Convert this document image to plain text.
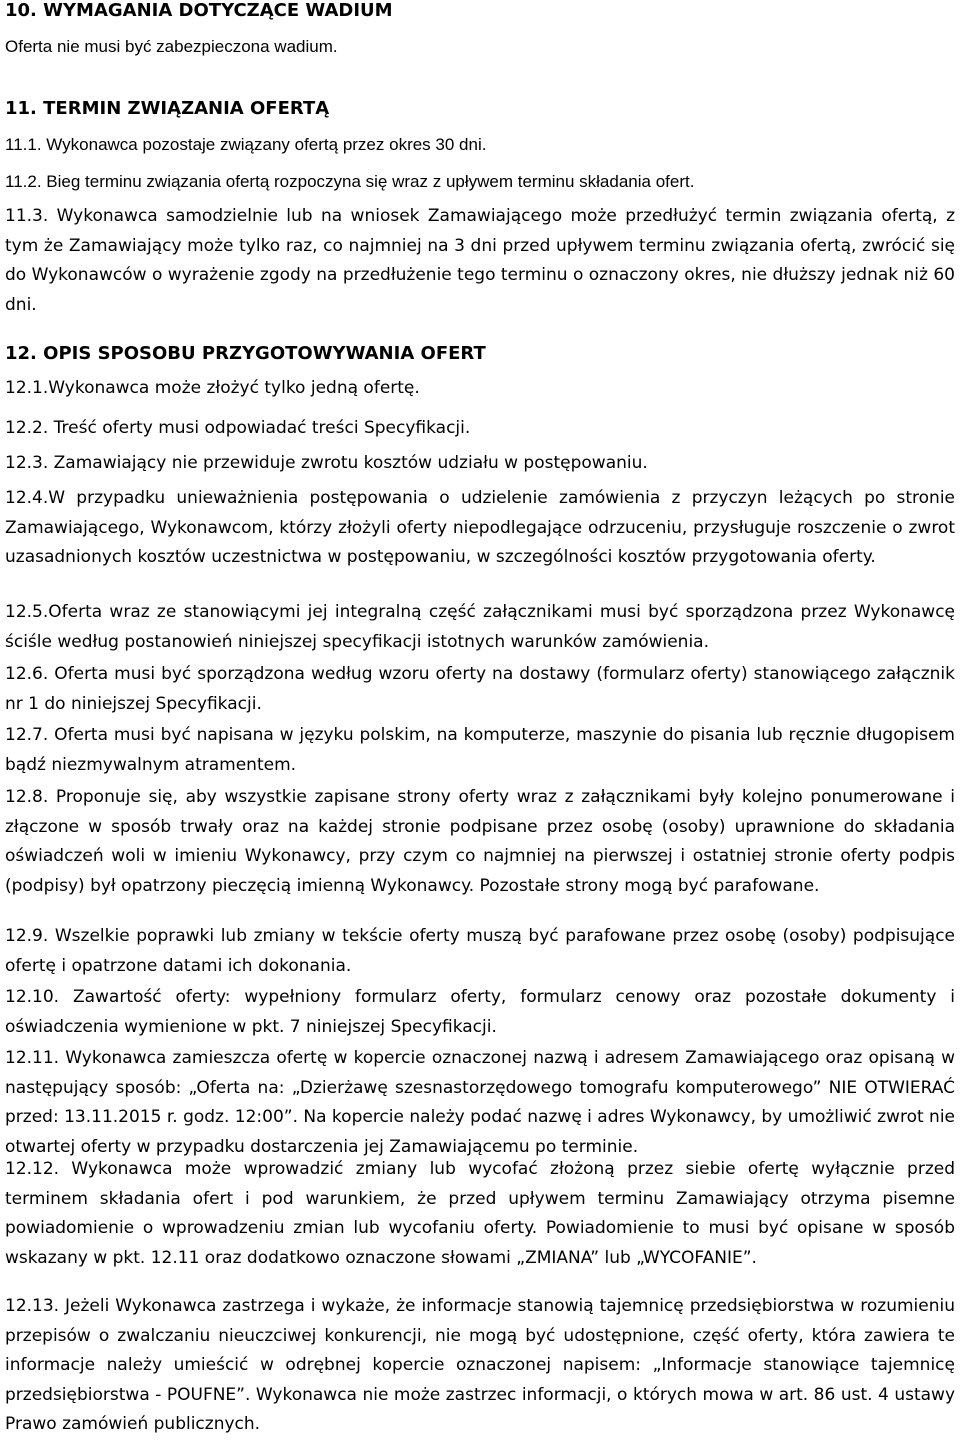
10. WYMAGANIA DOTYCZĄCE WADIUM
Oferta nie musi być zabezpieczona wadium.
11. TERMIN ZWIĄZANIA OFERTĄ
11.1. Wykonawca pozostaje związany ofertą przez okres 30 dni.
11.2. Bieg terminu związania ofertą rozpoczyna się wraz z upływem terminu składania ofert.

11.3. Wykonawca samodzielnie lub na wniosek Zamawiającego może przedłużyć termin związania ofertą, z tym że Zamawiający może tylko raz, co najmniej na 3 dni przed upływem terminu związania ofertą, zwrócić się do Wykonawców o wyrażenie zgody na przedłużenie tego terminu o oznaczony okres, nie dłuższy jednak niż 60 dni.

12. OPIS SPOSOBU PRZYGOTOWYWANIA OFERT

12.1.Wykonawca może złożyć tylko jedną ofertę.

12.2. Treść oferty musi odpowiadać treści Specyfikacji.

12.3. Zamawiający nie przewiduje zwrotu kosztów udziału w postępowaniu.

12.4.W przypadku unieważnienia postępowania o udzielenie zamówienia z przyczyn leżących po stronie Zamawiającego, Wykonawcom, którzy złożyli oferty niepodlegające odrzuceniu, przysługuje roszczenie o zwrot uzasadnionych kosztów uczestnictwa w postępowaniu, w szczególności kosztów przygotowania oferty.

12.5.Oferta wraz ze stanowiącymi jej integralną część załącznikami musi być sporządzona przez Wykonawcę ściśle według postanowień niniejszej specyfikacji istotnych warunków zamówienia.

12.6. Oferta musi być sporządzona według wzoru oferty na dostawy (formularz oferty) stanowiącego załącznik nr 1 do niniejszej Specyfikacji.

12.7. Oferta musi być napisana w języku polskim, na komputerze, maszynie do pisania lub ręcznie długopisem bądź niezmywalnym atramentem.

12.8. Proponuje się, aby wszystkie zapisane strony oferty wraz z załącznikami były kolejno ponumerowane i złączone w sposób trwały oraz na każdej stronie podpisane przez osobę (osoby) uprawnione do składania oświadczeń woli w imieniu Wykonawcy, przy czym co najmniej na pierwszej i ostatniej stronie oferty podpis (podpisy) był opatrzony pieczęcią imienną Wykonawcy. Pozostałe strony mogą być parafowane.

12.9. Wszelkie poprawki lub zmiany w tekście oferty muszą być parafowane przez osobę (osoby) podpisujące ofertę i opatrzone datami ich dokonania.

12.10. Zawartość oferty: wypełniony formularz oferty, formularz cenowy oraz pozostałe dokumenty i oświadczenia wymienione w pkt. 7 niniejszej Specyfikacji.

12.11. Wykonawca zamieszcza ofertę w kopercie oznaczonej nazwą i adresem Zamawiającego oraz opisaną w następujący sposób: „Oferta na: „Dzierżawę szesnastorzędowego tomografu komputerowego” NIE OTWIERAĆ przed: 13.11.2015 r. godz. 12:00”. Na kopercie należy podać nazwę i adres Wykonawcy, by umożliwić zwrot nie otwartej oferty w przypadku dostarczenia jej Zamawiającemu po terminie.

12.12. Wykonawca może wprowadzić zmiany lub wycofać złożoną przez siebie ofertę wyłącznie przed terminem składania ofert i pod warunkiem, że przed upływem terminu Zamawiający otrzyma pisemne powiadomienie o wprowadzeniu zmian lub wycofaniu oferty. Powiadomienie to musi być opisane w sposób wskazany w pkt. 12.11 oraz dodatkowo oznaczone słowami „ZMIANA” lub „WYCOFANIE”.

12.13. Jeżeli Wykonawca zastrzega i wykaże, że informacje stanowią tajemnicę przedsiębiorstwa w rozumieniu przepisów o zwalczaniu nieuczciwej konkurencji, nie mogą być udostępnione, część oferty, która zawiera te informacje należy umieścić w odrębnej kopercie oznaczonej napisem: „Informacje stanowiące tajemnicę przedsiębiorstwa - POUFNE”. Wykonawca nie może zastrzec informacji, o których mowa w art. 86 ust. 4 ustawy Prawo zamówień publicznych.
